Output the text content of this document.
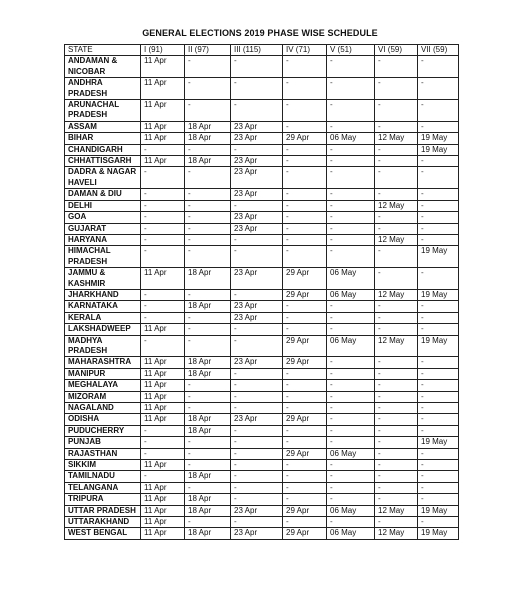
GENERAL ELECTIONS 2019 PHASE WISE SCHEDULE
STATE	I (91)	II (97)	III (115)	IV (71)	V (51)	VI (59)	VII (59)
ANDAMAN & NICOBAR	11 Apr	-	-	-	-	-	-
ANDHRA PRADESH	11 Apr	-	-	-	-	-	-
ARUNACHAL PRADESH	11 Apr	-	-	-	-	-	-
ASSAM	11 Apr	18 Apr	23 Apr	-	-	-	-
BIHAR	11 Apr	18 Apr	23 Apr	29 Apr	06 May	12 May	19 May
CHANDIGARH	-	-	-	-	-	-	19 May
CHHATTISGARH	11 Apr	18 Apr	23 Apr	-	-	-	-
DADRA & NAGAR HAVELI	-	-	23 Apr	-	-	-	-
DAMAN & DIU	-	-	23 Apr	-	-	-	-
DELHI	-	-	-	-	-	12 May	-
GOA	-	-	23 Apr	-	-	-	-
GUJARAT	-	-	23 Apr	-	-	-	-
HARYANA	-	-	-	-	-	12 May	-
HIMACHAL PRADESH	-	-	-	-	-	-	19 May
JAMMU & KASHMIR	11 Apr	18 Apr	23 Apr	29 Apr	06 May	-	-
JHARKHAND	-	-	-	29 Apr	06 May	12 May	19 May
KARNATAKA	-	18 Apr	23 Apr	-	-	-	-
KERALA	-	-	23 Apr	-	-	-	-
LAKSHADWEEP	11 Apr	-	-	-	-	-	-
MADHYA PRADESH	-	-	-	29 Apr	06 May	12 May	19 May
MAHARASHTRA	11 Apr	18 Apr	23 Apr	29 Apr	-	-	-
MANIPUR	11 Apr	18 Apr	-	-	-	-	-
MEGHALAYA	11 Apr	-	-	-	-	-	-
MIZORAM	11 Apr	-	-	-	-	-	-
NAGALAND	11 Apr	-	-	-	-	-	-
ODISHA	11 Apr	18 Apr	23 Apr	29 Apr	-	-	-
PUDUCHERRY	-	18 Apr	-	-	-	-	-
PUNJAB	-	-	-	-	-	-	19 May
RAJASTHAN	-	-	-	29 Apr	06 May	-	-
SIKKIM	11 Apr	-	-	-	-	-	-
TAMILNADU	-	18 Apr	-	-	-	-	-
TELANGANA	11 Apr	-	-	-	-	-	-
TRIPURA	11 Apr	18 Apr	-	-	-	-	-
UTTAR PRADESH	11 Apr	18 Apr	23 Apr	29 Apr	06 May	12 May	19 May
UTTARAKHAND	11 Apr	-	-	-	-	-	-
WEST BENGAL	11 Apr	18 Apr	23 Apr	29 Apr	06 May	12 May	19 May
